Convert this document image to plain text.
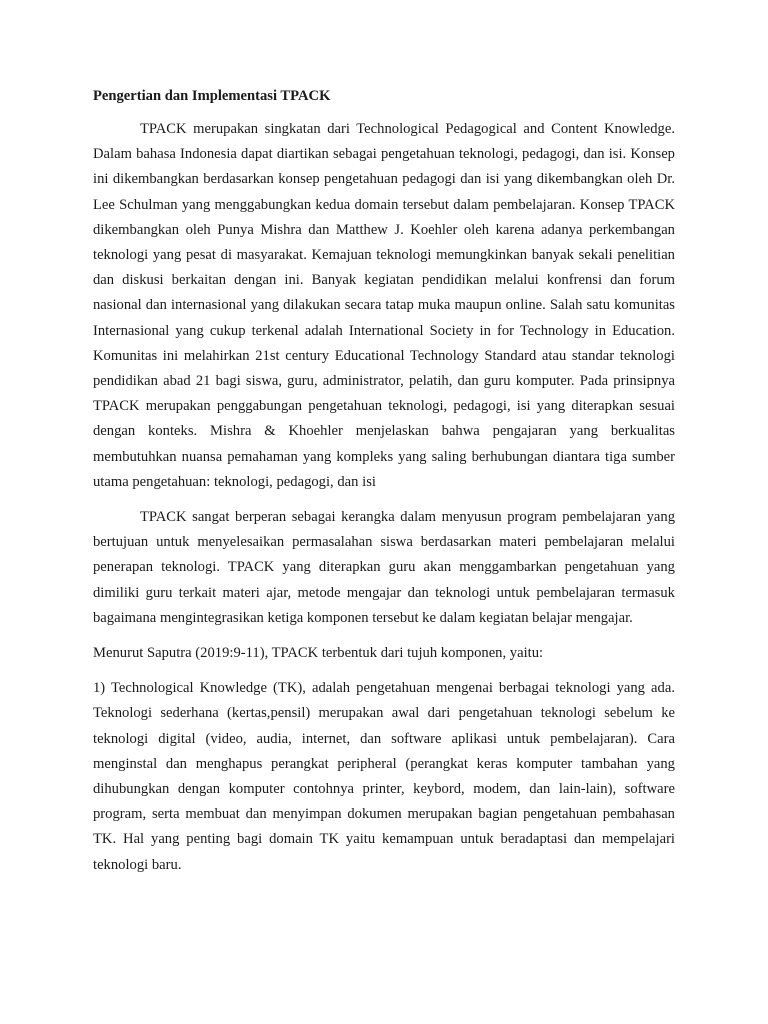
Pengertian dan Implementasi TPACK

TPACK merupakan singkatan dari Technological Pedagogical and Content Knowledge. Dalam bahasa Indonesia dapat diartikan sebagai pengetahuan teknologi, pedagogi, dan isi. Konsep ini dikembangkan berdasarkan konsep pengetahuan pedagogi dan isi yang dikembangkan oleh Dr. Lee Schulman yang menggabungkan kedua domain tersebut dalam pembelajaran. Konsep TPACK dikembangkan oleh Punya Mishra dan Matthew J. Koehler oleh karena adanya perkembangan teknologi yang pesat di masyarakat. Kemajuan teknologi memungkinkan banyak sekali penelitian dan diskusi berkaitan dengan ini. Banyak kegiatan pendidikan melalui konfrensi dan forum nasional dan internasional yang dilakukan secara tatap muka maupun online. Salah satu komunitas Internasional yang cukup terkenal adalah International Society in for Technology in Education. Komunitas ini melahirkan 21st century Educational Technology Standard atau standar teknologi pendidikan abad 21 bagi siswa, guru, administrator, pelatih, dan guru komputer. Pada prinsipnya TPACK merupakan penggabungan pengetahuan teknologi, pedagogi, isi yang diterapkan sesuai dengan konteks. Mishra & Khoehler menjelaskan bahwa pengajaran yang berkualitas membutuhkan nuansa pemahaman yang kompleks yang saling berhubungan diantara tiga sumber utama pengetahuan: teknologi, pedagogi, dan isi

TPACK sangat berperan sebagai kerangka dalam menyusun program pembelajaran yang bertujuan untuk menyelesaikan permasalahan siswa berdasarkan materi pembelajaran melalui penerapan teknologi. TPACK yang diterapkan guru akan menggambarkan pengetahuan yang dimiliki guru terkait materi ajar, metode mengajar dan teknologi untuk pembelajaran termasuk bagaimana mengintegrasikan ketiga komponen tersebut ke dalam kegiatan belajar mengajar.

Menurut Saputra (2019:9-11), TPACK terbentuk dari tujuh komponen, yaitu:

1) Technological Knowledge (TK), adalah pengetahuan mengenai berbagai teknologi yang ada. Teknologi sederhana (kertas,pensil) merupakan awal dari pengetahuan teknologi sebelum ke teknologi digital (video, audia, internet, dan software aplikasi untuk pembelajaran). Cara menginstal dan menghapus perangkat peripheral (perangkat keras komputer tambahan yang dihubungkan dengan komputer contohnya printer, keybord, modem, dan lain-lain), software program, serta membuat dan menyimpan dokumen merupakan bagian pengetahuan pembahasan TK. Hal yang penting bagi domain TK yaitu kemampuan untuk beradaptasi dan mempelajari teknologi baru.
